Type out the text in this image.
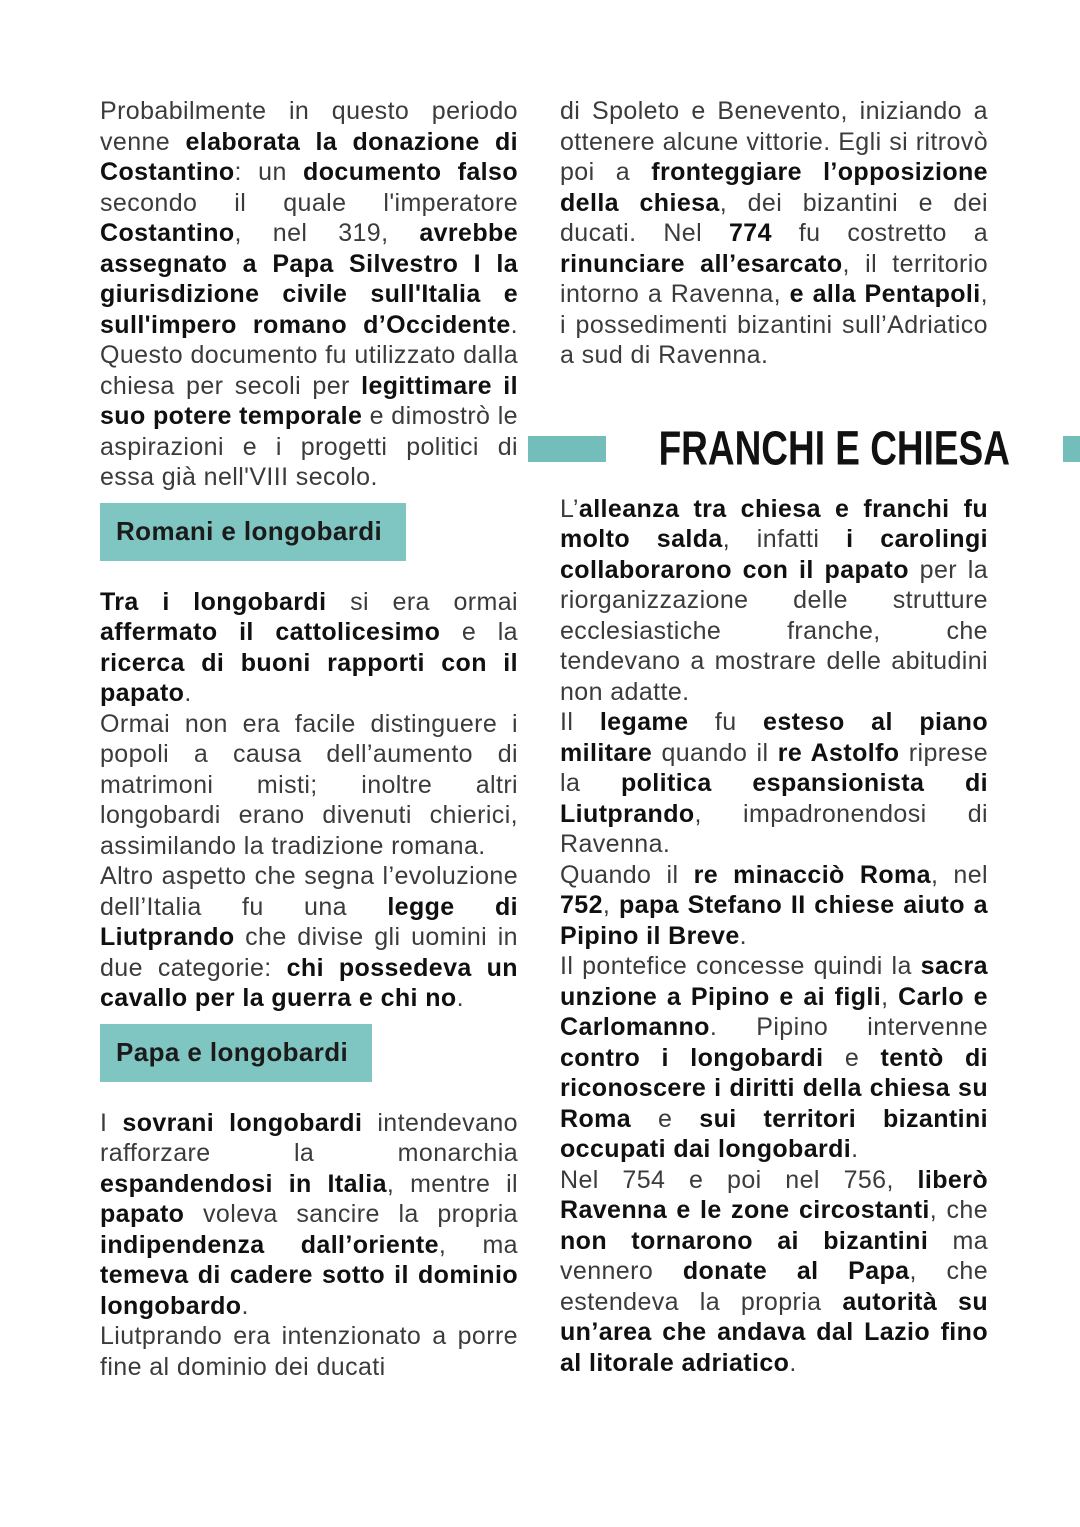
Probabilmente in questo periodo venne elaborata la donazione di Costantino: un documento falso secondo il quale l'imperatore Costantino, nel 319, avrebbe assegnato a Papa Silvestro I la giurisdizione civile sull'Italia e sull'impero romano d’Occidente. Questo documento fu utilizzato dalla chiesa per secoli per legittimare il suo potere temporale e dimostrò le aspirazioni e i progetti politici di essa già nell'VIII secolo.

Romani e longobardi

Tra i longobardi si era ormai affermato il cattolicesimo e la ricerca di buoni rapporti con il papato.

Ormai non era facile distinguere i popoli a causa dell’aumento di matrimoni misti; inoltre altri longobardi erano divenuti chierici, assimilando la tradizione romana.

Altro aspetto che segna l’evoluzione dell’Italia fu una legge di Liutprando che divise gli uomini in due categorie: chi possedeva un cavallo per la guerra e chi no.

Papa e longobardi

I sovrani longobardi intendevano rafforzare la monarchia espandendosi in Italia, mentre il papato voleva sancire la propria indipendenza dall’oriente, ma temeva di cadere sotto il dominio longobardo.

Liutprando era intenzionato a porre fine al dominio dei ducati

di Spoleto e Benevento, iniziando a ottenere alcune vittorie. Egli si ritrovò poi a fronteggiare l’opposizione della chiesa, dei bizantini e dei ducati. Nel 774 fu costretto a rinunciare all’esarcato, il territorio intorno a Ravenna, e alla Pentapoli, i possedimenti bizantini sull’Adriatico a sud di Ravenna.

FRANCHI E CHIESA

L’alleanza tra chiesa e franchi fu molto salda, infatti i carolingi collaborarono con il papato per la riorganizzazione delle strutture ecclesiastiche franche, che tendevano a mostrare delle abitudini non adatte.

Il legame fu esteso al piano militare quando il re Astolfo riprese la politica espansionista di Liutprando, impadronendosi di Ravenna.

Quando il re minacciò Roma, nel 752, papa Stefano II chiese aiuto a Pipino il Breve.

Il pontefice concesse quindi la sacra unzione a Pipino e ai figli, Carlo e Carlomanno. Pipino intervenne contro i longobardi e tentò di riconoscere i diritti della chiesa su Roma e sui territori bizantini occupati dai longobardi.

Nel 754 e poi nel 756, liberò Ravenna e le zone circostanti, che non tornarono ai bizantini ma vennero donate al Papa, che estendeva la propria autorità su un’area che andava dal Lazio fino al litorale adriatico.
